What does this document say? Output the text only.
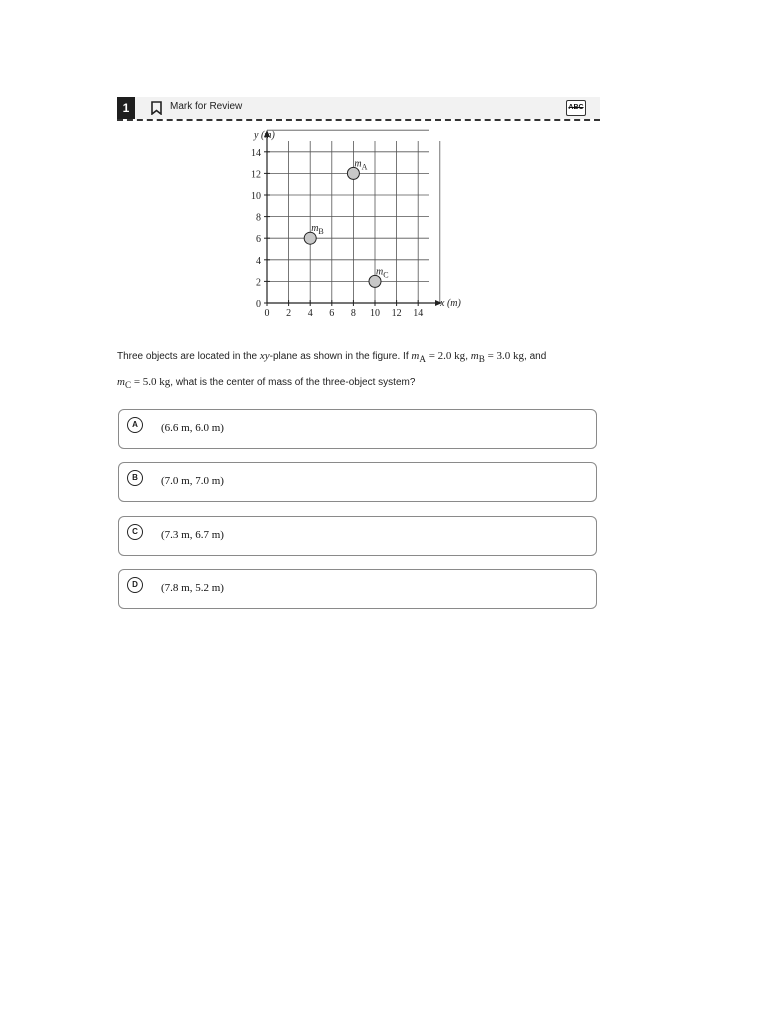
1	Mark for Review	ABC
0 2 4 6 8 10 12 14
0
2
4
6
8
10
12
14
$m_A$
$m_B$
$m_C$
y (m)
x (m)
Three objects are located in the xy-plane as shown in the figure. If $m_A = 2.0$ kg, $m_B = 3.0$ kg, and
$m_C = 5.0$ kg, what is the center of mass of the three-object system?
A	(6.6 m, 6.0 m)
B	(7.0 m, 7.0 m)
C	(7.3 m, 6.7 m)
D	(7.8 m, 5.2 m)
